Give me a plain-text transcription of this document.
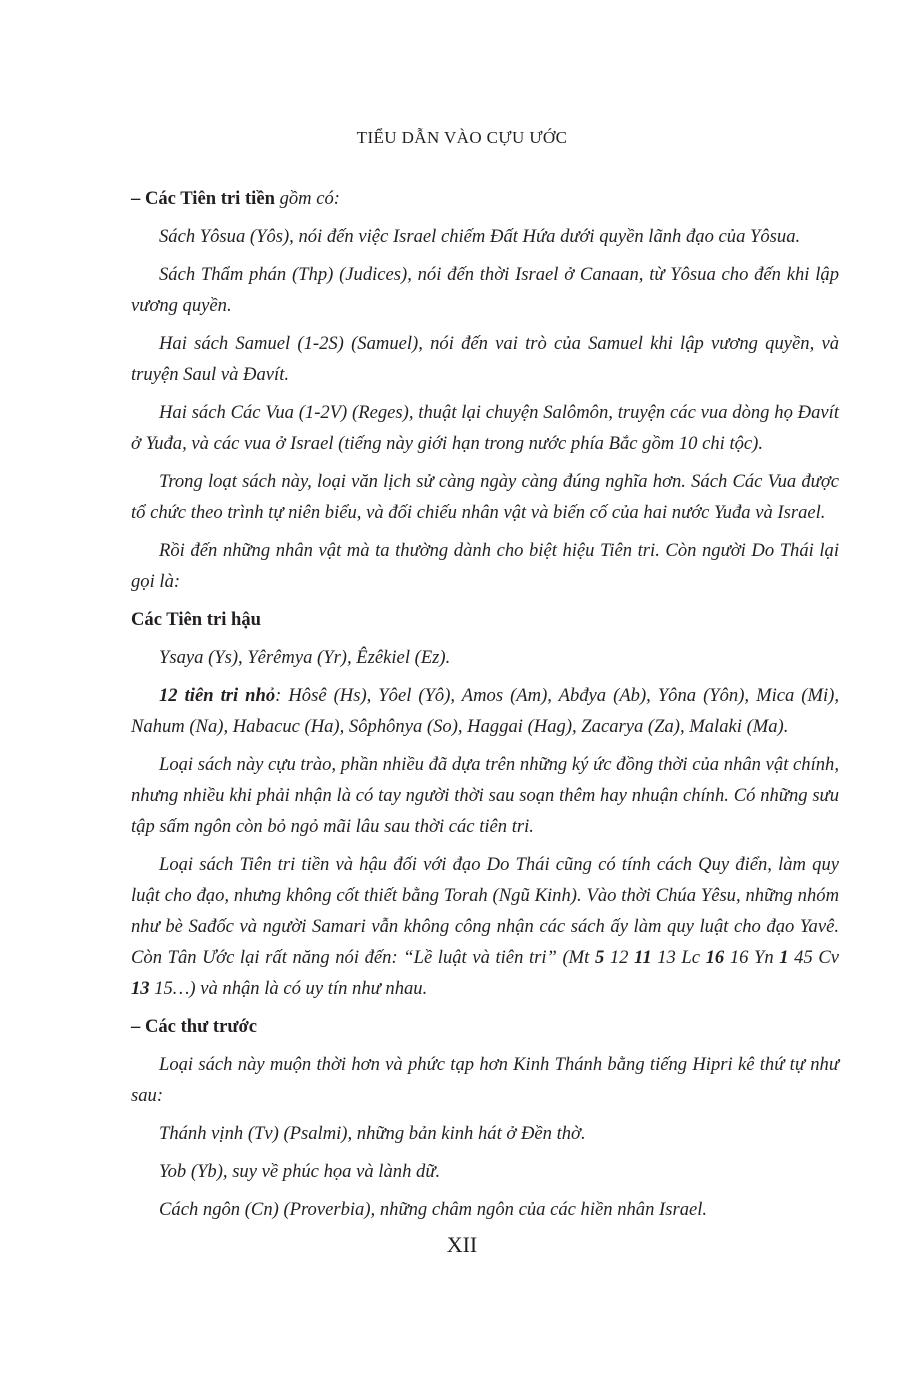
TIỂU DẪN VÀO CỰU ƯỚC

– Các Tiên tri tiền gồm có:

Sách Yôsua (Yôs), nói đến việc Israel chiếm Đất Hứa dưới quyền lãnh đạo của Yôsua.

Sách Thẩm phán (Thp) (Judices), nói đến thời Israel ở Canaan, từ Yôsua cho đến khi lập vương quyền.

Hai sách Samuel (1-2S) (Samuel), nói đến vai trò của Samuel khi lập vương quyền, và truyện Saul và Đavít.

Hai sách Các Vua (1-2V) (Reges), thuật lại chuyện Salômôn, truyện các vua dòng họ Đavít ở Yuđa, và các vua ở Israel (tiếng này giới hạn trong nước phía Bắc gồm 10 chi tộc).

Trong loạt sách này, loại văn lịch sử càng ngày càng đúng nghĩa hơn. Sách Các Vua được tổ chức theo trình tự niên biểu, và đối chiếu nhân vật và biến cố của hai nước Yuđa và Israel.

Rồi đến những nhân vật mà ta thường dành cho biệt hiệu Tiên tri. Còn người Do Thái lại gọi là:

Các Tiên tri hậu

Ysaya (Ys), Yêrêmya (Yr), Êzêkiel (Ez).

12 tiên tri nhỏ: Hôsê (Hs), Yôel (Yô), Amos (Am), Abđya (Ab), Yôna (Yôn), Mica (Mi), Nahum (Na), Habacuc (Ha), Sôphônya (So), Haggai (Hag), Zacarya (Za), Malaki (Ma).

Loại sách này cựu trào, phần nhiều đã dựa trên những ký ức đồng thời của nhân vật chính, nhưng nhiều khi phải nhận là có tay người thời sau soạn thêm hay nhuận chính. Có những sưu tập sấm ngôn còn bỏ ngỏ mãi lâu sau thời các tiên tri.

Loại sách Tiên tri tiền và hậu đối với đạo Do Thái cũng có tính cách Quy điển, làm quy luật cho đạo, nhưng không cốt thiết bằng Torah (Ngũ Kinh). Vào thời Chúa Yêsu, những nhóm như bè Sađốc và người Samari vẫn không công nhận các sách ấy làm quy luật cho đạo Yavê. Còn Tân Ước lại rất năng nói đến: “Lề luật và tiên tri” (Mt 5 12 11 13 Lc 16 16 Yn 1 45 Cv 13 15…) và nhận là có uy tín như nhau.

– Các thư trước

Loại sách này muộn thời hơn và phức tạp hơn Kinh Thánh bằng tiếng Hipri kê thứ tự như sau:

Thánh vịnh (Tv) (Psalmi), những bản kinh hát ở Đền thờ.

Yob (Yb), suy về phúc họa và lành dữ.

Cách ngôn (Cn) (Proverbia), những châm ngôn của các hiền nhân Israel.

XII
